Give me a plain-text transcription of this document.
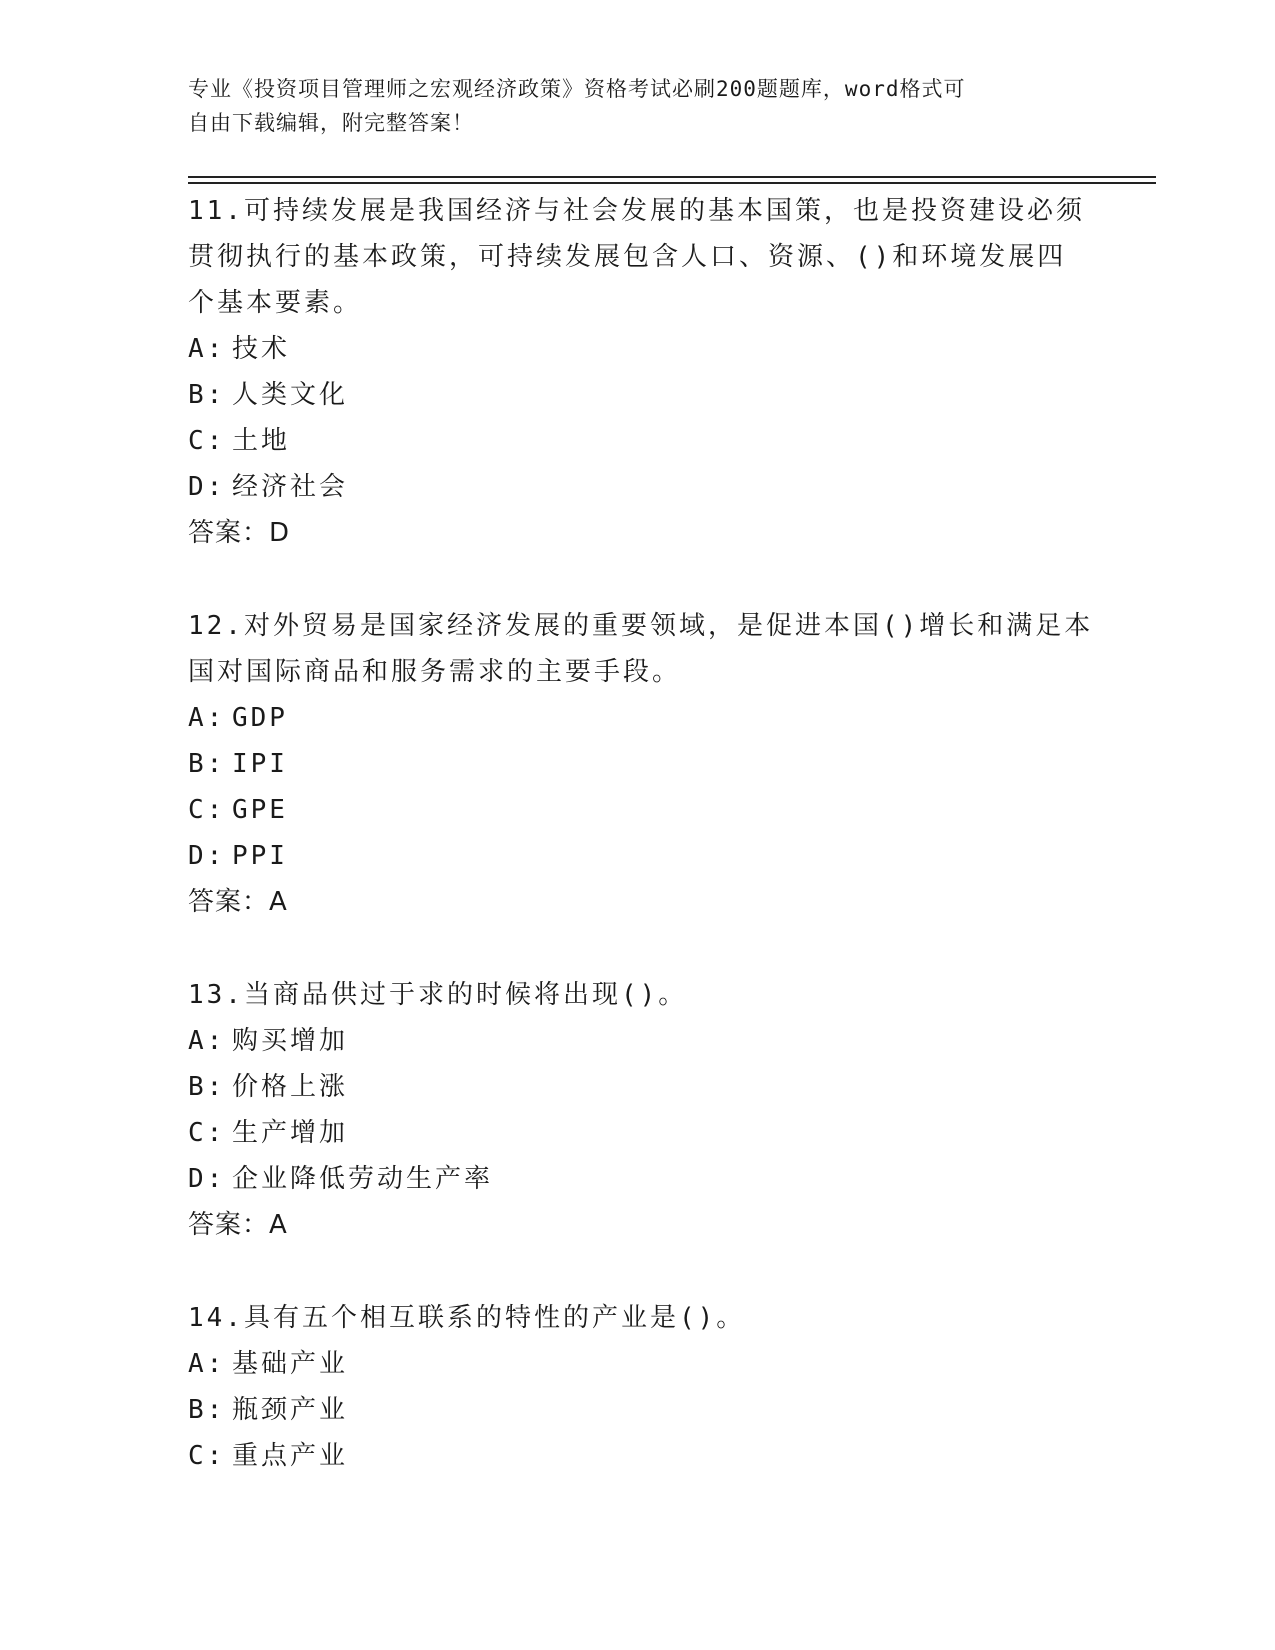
专业《投资项目管理师之宏观经济政策》资格考试必刷200题题库，word格式可
自由下载编辑，附完整答案！
11.可持续发展是我国经济与社会发展的基本国策，也是投资建设必须
贯彻执行的基本政策，可持续发展包含人口、资源、()和环境发展四
个基本要素。
A: 技术
B: 人类文化
C: 土地
D: 经济社会
答案：D
12.对外贸易是国家经济发展的重要领域，是促进本国()增长和满足本
国对国际商品和服务需求的主要手段。
A: GDP
B: IPI
C: GPE
D: PPI
答案：A
13.当商品供过于求的时候将出现()。
A: 购买增加
B: 价格上涨
C: 生产增加
D: 企业降低劳动生产率
答案：A
14.具有五个相互联系的特性的产业是()。
A: 基础产业
B: 瓶颈产业
C: 重点产业
